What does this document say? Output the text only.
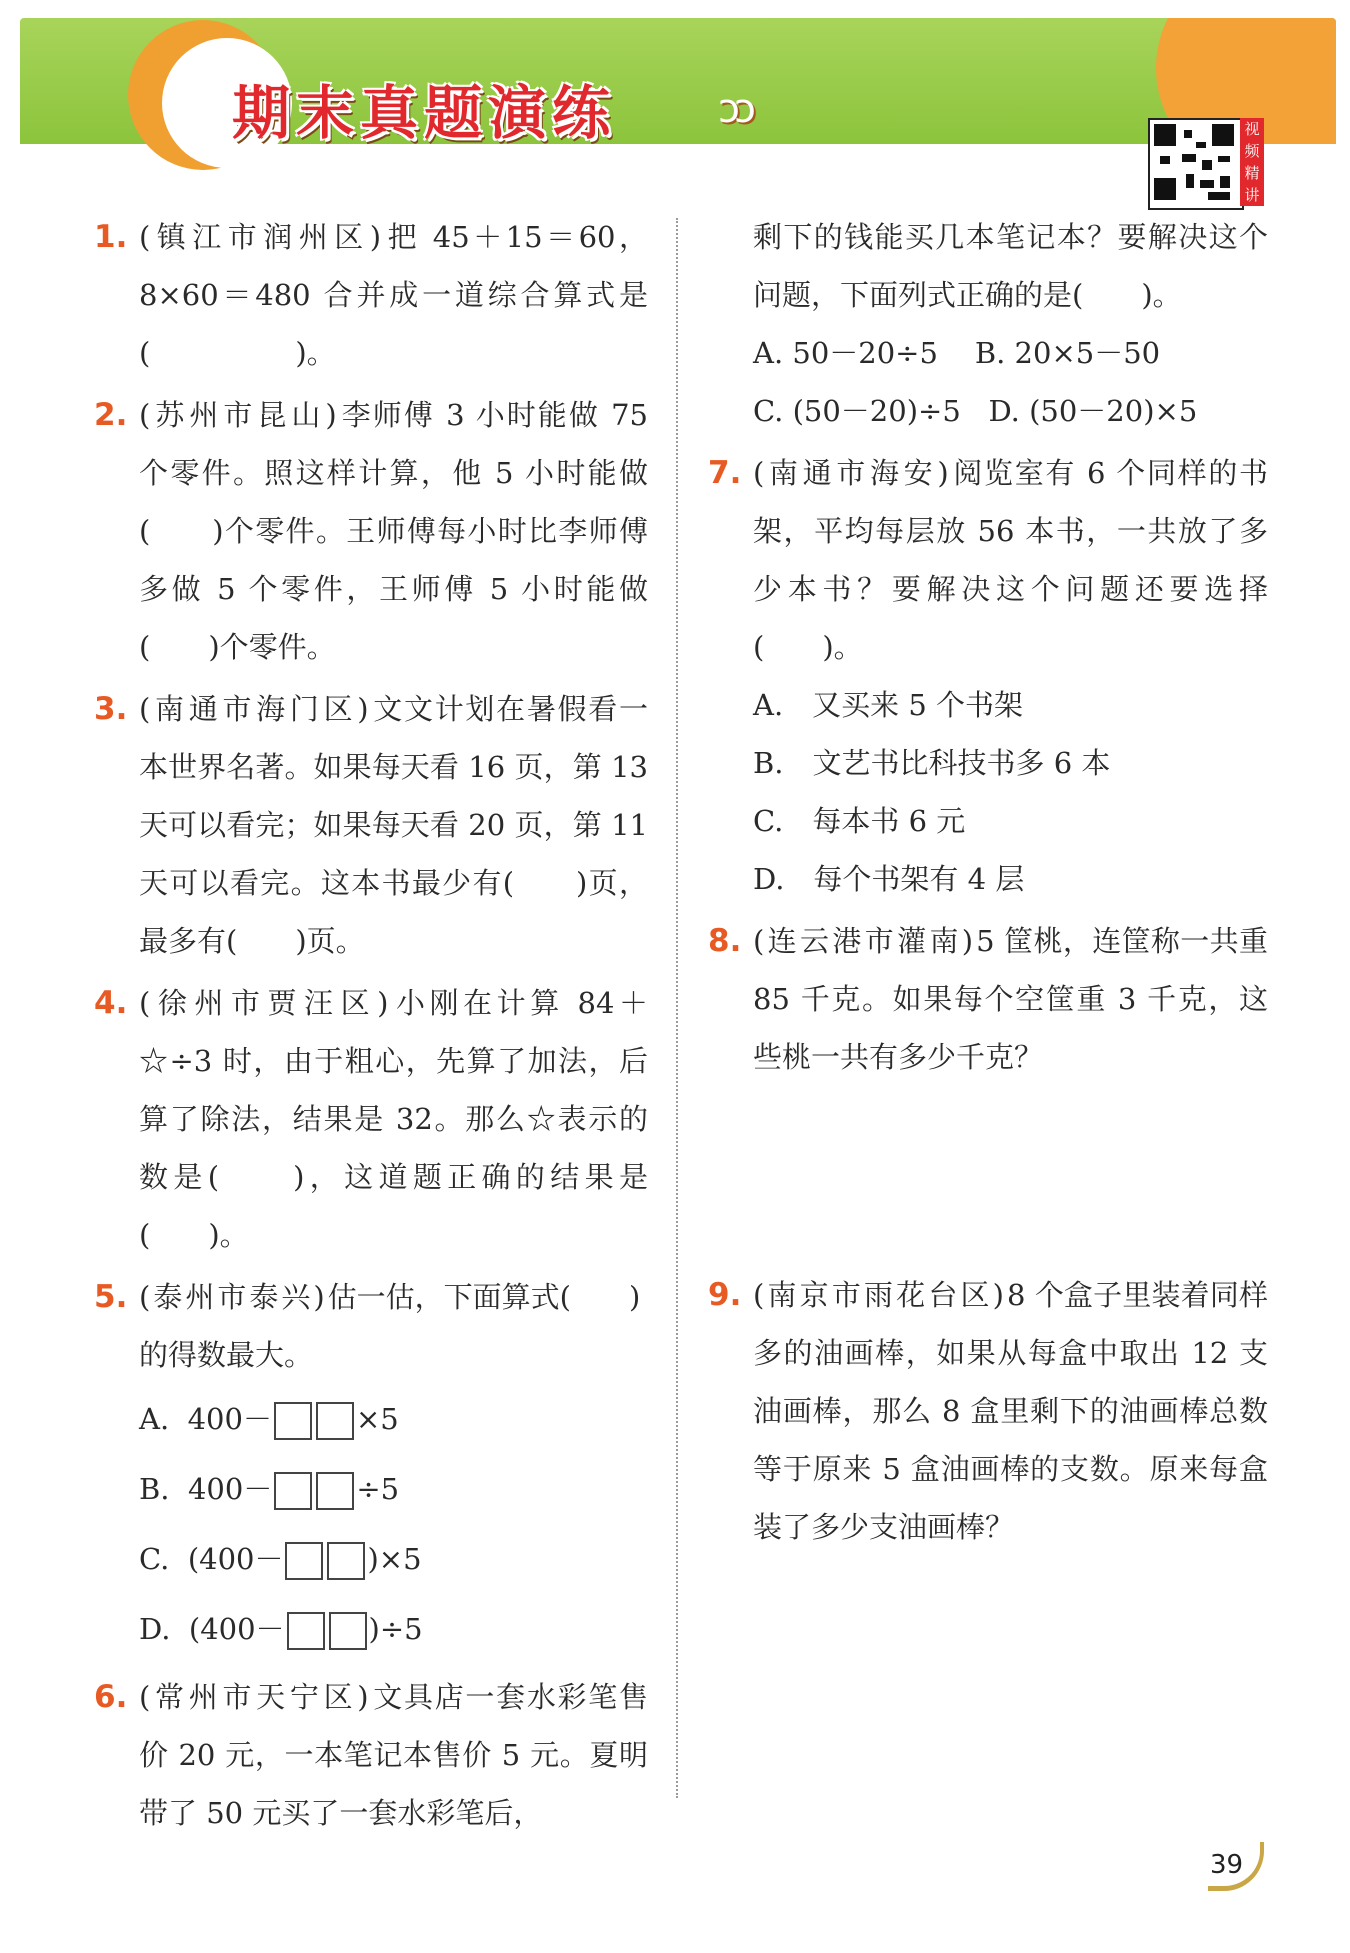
期末真题演练	ↄↄ	视频精讲
1. (镇江市润州区)把 45＋15＝60，8×60＝480 合并成一道综合算式是(　　　　　)。
2. (苏州市昆山)李师傅 3 小时能做 75 个零件。照这样计算，他 5 小时能做(　　)个零件。王师傅每小时比李师傅多做 5 个零件，王师傅 5 小时能做(　　)个零件。
3. (南通市海门区)文文计划在暑假看一本世界名著。如果每天看 16 页，第 13 天可以看完；如果每天看 20 页，第 11 天可以看完。这本书最少有(　　)页，最多有(　　)页。
4. (徐州市贾汪区)小刚在计算 84＋☆÷3 时，由于粗心，先算了加法，后算了除法，结果是 32。那么☆表示的数是(　　)，这道题正确的结果是(　　)。
5. (泰州市泰兴)估一估，下面算式(　　)的得数最大。
A. 400－	×5
B. 400－	÷5
C. (400－	)×5
D. (400－	)÷5
6. (常州市天宁区)文具店一套水彩笔售价 20 元，一本笔记本售价 5 元。夏明带了 50 元买了一套水彩笔后，
剩下的钱能买几本笔记本？要解决这个问题，下面列式正确的是(　　)。
A. 50－20÷5 B. 20×5－50
C. (50－20)÷5 D. (50－20)×5
7. (南通市海安)阅览室有 6 个同样的书架，平均每层放 56 本书，一共放了多少本书？要解决这个问题还要选择(　　)。
A.　又买来 5 个书架
B.　文艺书比科技书多 6 本
C.　每本书 6 元
D.　每个书架有 4 层
8. (连云港市灌南)5 筐桃，连筐称一共重 85 千克。如果每个空筐重 3 千克，这些桃一共有多少千克？
9. (南京市雨花台区)8 个盒子里装着同样多的油画棒，如果从每盒中取出 12 支油画棒，那么 8 盒里剩下的油画棒总数等于原来 5 盒油画棒的支数。原来每盒装了多少支油画棒？
39
